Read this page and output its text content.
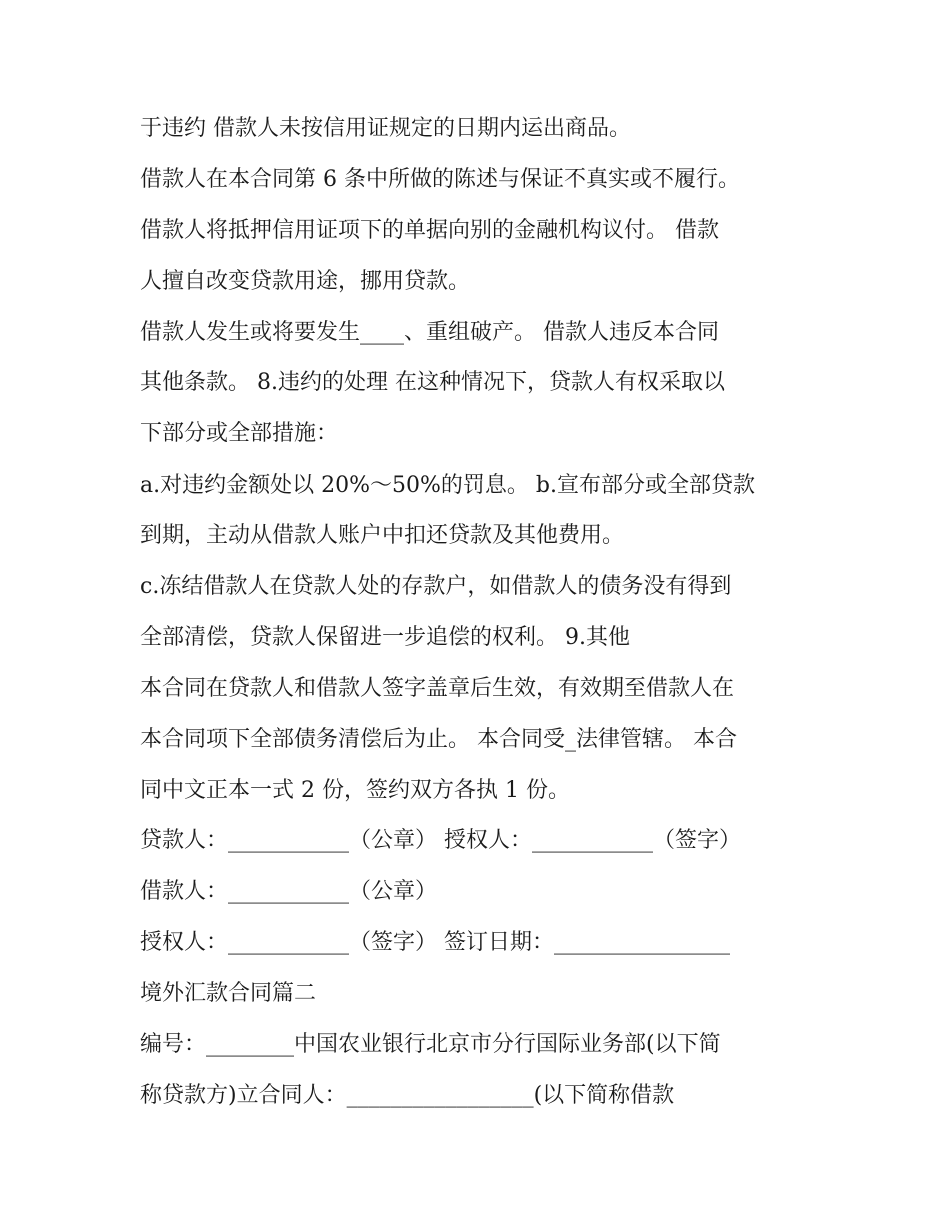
于违约 借款人未按信用证规定的日期内运出商品。

借款人在本合同第 6 条中所做的陈述与保证不真实或不履行。

借款人将抵押信用证项下的单据向别的金融机构议付。 借款

人擅自改变贷款用途，挪用贷款。

借款人发生或将要发生____、重组破产。 借款人违反本合同

其他条款。 8.违约的处理 在这种情况下，贷款人有权采取以

下部分或全部措施：

a.对违约金额处以 20%～50%的罚息。 b.宣布部分或全部贷款

到期，主动从借款人账户中扣还贷款及其他费用。

c.冻结借款人在贷款人处的存款户，如借款人的债务没有得到

全部清偿，贷款人保留进一步追偿的权利。 9.其他

本合同在贷款人和借款人签字盖章后生效，有效期至借款人在

本合同项下全部债务清偿后为止。 本合同受_法律管辖。 本合

同中文正本一式 2 份，签约双方各执 1 份。

贷款人：___________（公章） 授权人：___________（签字）

借款人：___________（公章）

授权人：___________（签字） 签订日期：________________

境外汇款合同篇二

编号：________中国农业银行北京市分行国际业务部(以下简

称贷款方)立合同人：_________________(以下简称借款
